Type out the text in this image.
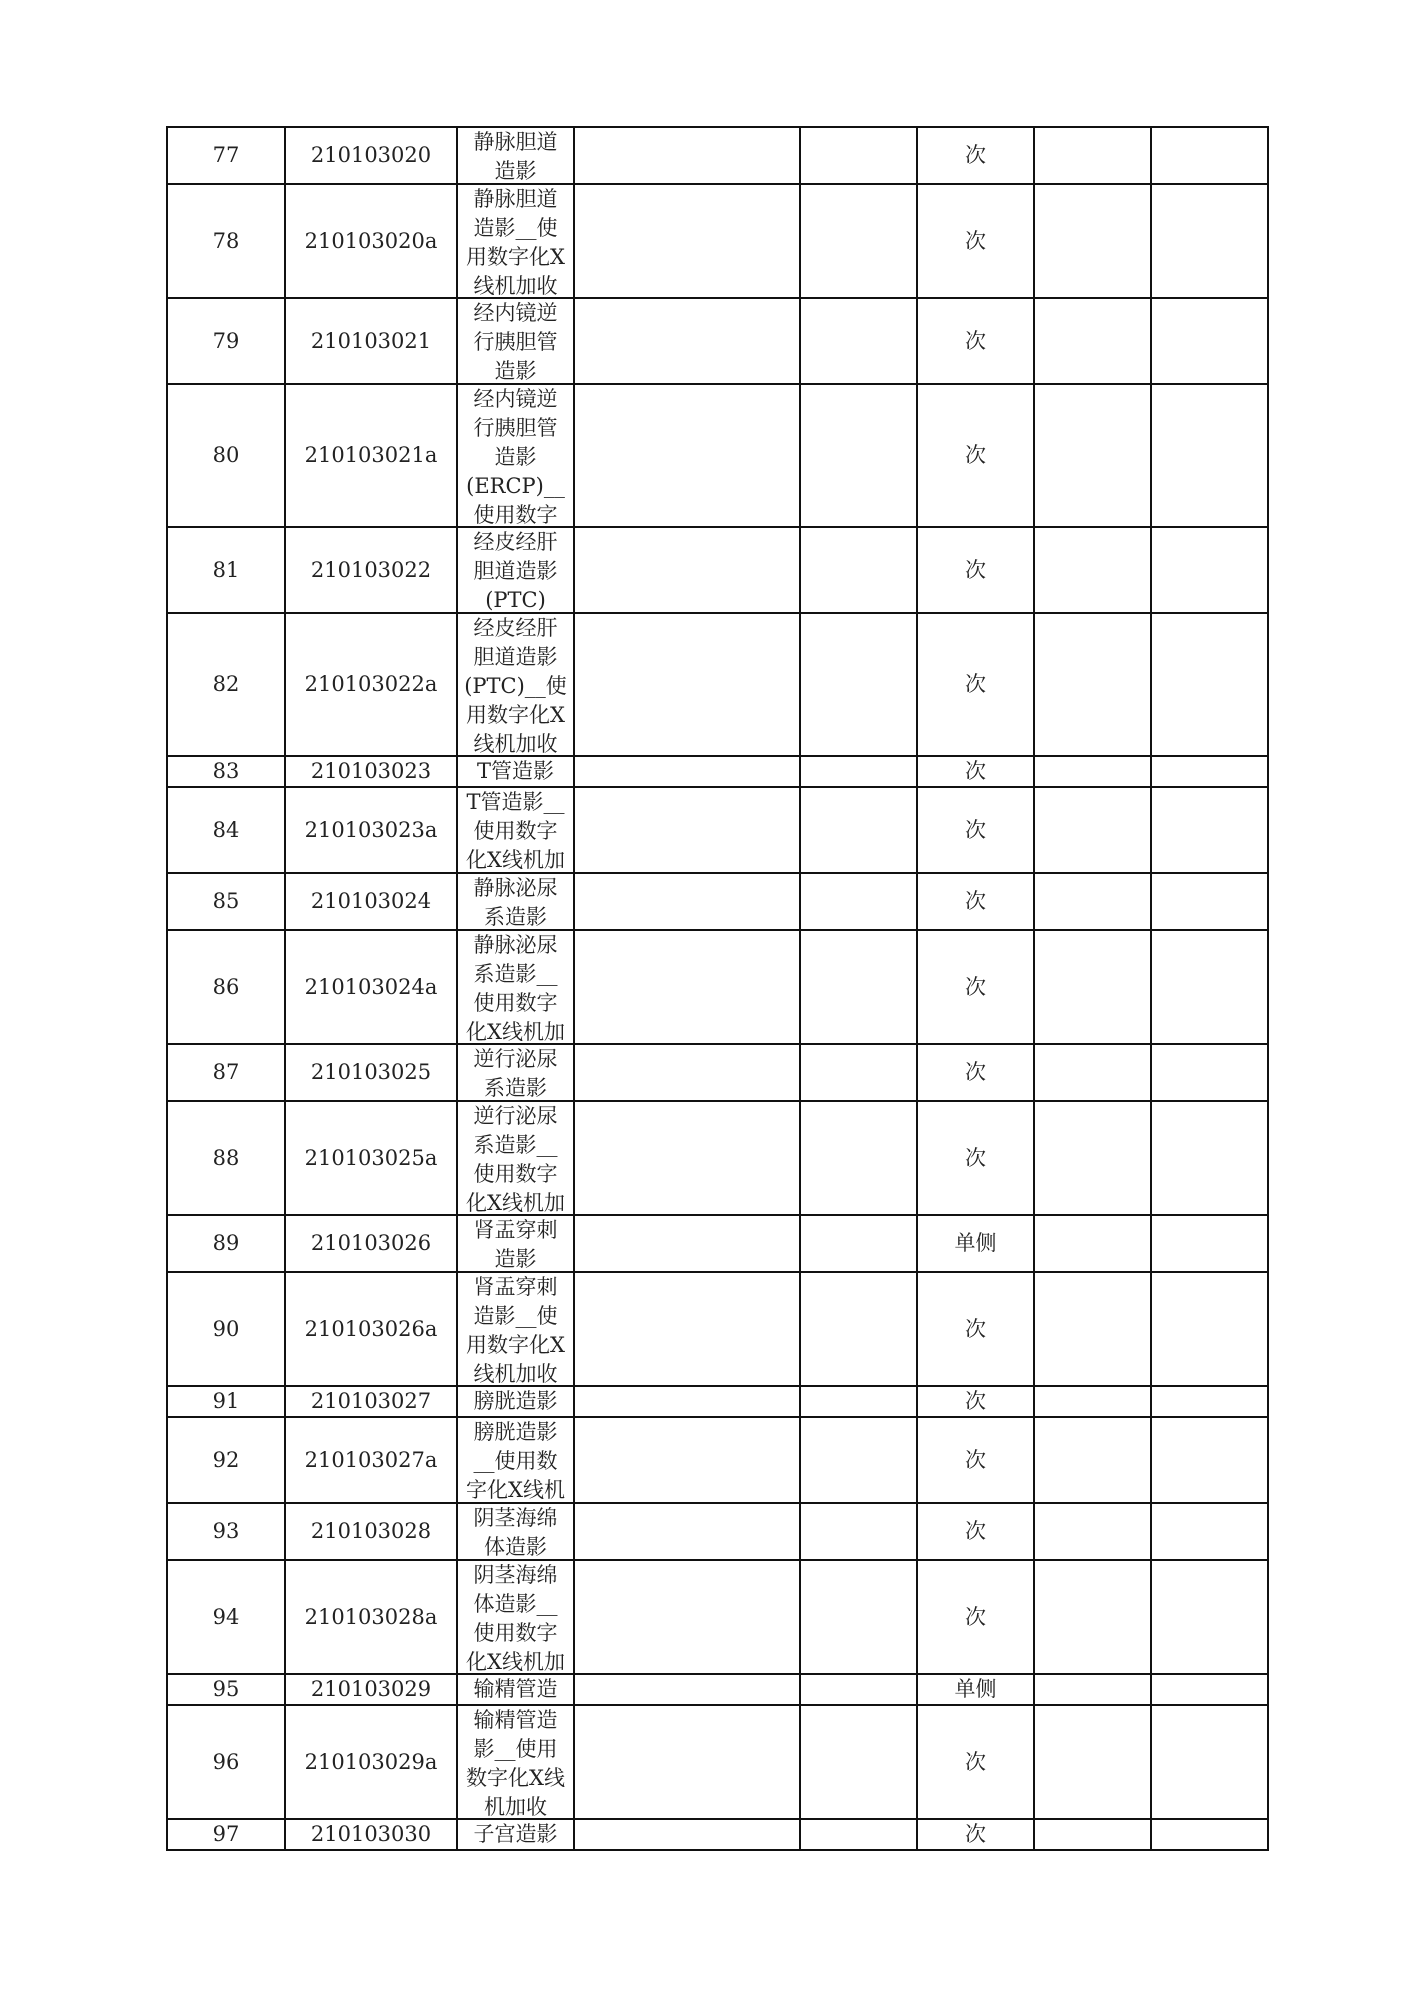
77	210103020	静脉胆道
造影			次		
78	210103020a	静脉胆道
造影__使
用数字化X
线机加收			次		
79	210103021	经内镜逆
行胰胆管
造影			次		
80	210103021a	经内镜逆
行胰胆管
造影
(ERCP)__
使用数字			次		
81	210103022	经皮经肝
胆道造影
(PTC)			次		
82	210103022a	经皮经肝
胆道造影
(PTC)__使
用数字化X
线机加收			次		
83	210103023	T管造影			次		
84	210103023a	T管造影__
使用数字
化X线机加			次		
85	210103024	静脉泌尿
系造影			次		
86	210103024a	静脉泌尿
系造影__
使用数字
化X线机加			次		
87	210103025	逆行泌尿
系造影			次		
88	210103025a	逆行泌尿
系造影__
使用数字
化X线机加			次		
89	210103026	肾盂穿刺
造影			单侧		
90	210103026a	肾盂穿刺
造影__使
用数字化X
线机加收			次		
91	210103027	膀胱造影			次		
92	210103027a	膀胱造影
__使用数
字化X线机			次		
93	210103028	阴茎海绵
体造影			次		
94	210103028a	阴茎海绵
体造影__
使用数字
化X线机加			次		
95	210103029	输精管造			单侧		
96	210103029a	输精管造
影__使用
数字化X线
机加收			次		
97	210103030	子宫造影			次		
